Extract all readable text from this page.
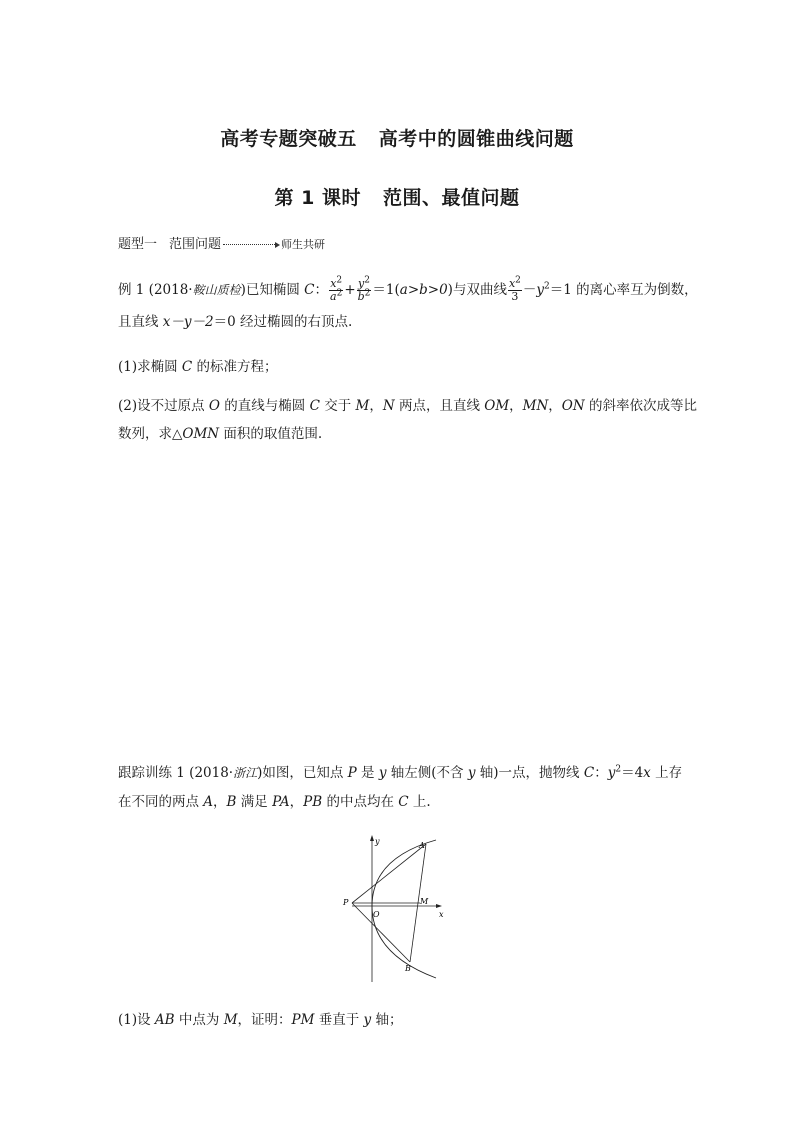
高考专题突破五 高考中的圆锥曲线问题
第 1 课时 范围、最值问题
题型一 范围问题	师生共研
例 1 (2018·鞍山质检)已知椭圆 C： $\frac{x^2}{a^2} + \frac{y^2}{b^2} =1(a>b>0)$与双曲线 $\frac{x^2}{3} -y^2=1$ 的离心率互为倒数，
且直线 x－y－2＝0 经过椭圆的右顶点.
(1)求椭圆 C 的标准方程；
(2)设不过原点 O 的直线与椭圆 C 交于 M，N 两点，且直线 OM，MN，ON 的斜率依次成等比
数列，求△OMN 面积的取值范围.
跟踪训练 1 (2018·浙江)如图，已知点 P 是 y 轴左侧(不含 y 轴)一点，抛物线 C：$y^2=4x$ 上存
在不同的两点 A，B 满足 PA，PB 的中点均在 C 上.
y
x
A
B
P
O
M
(1)设 AB 中点为 M，证明：PM 垂直于 y 轴；
